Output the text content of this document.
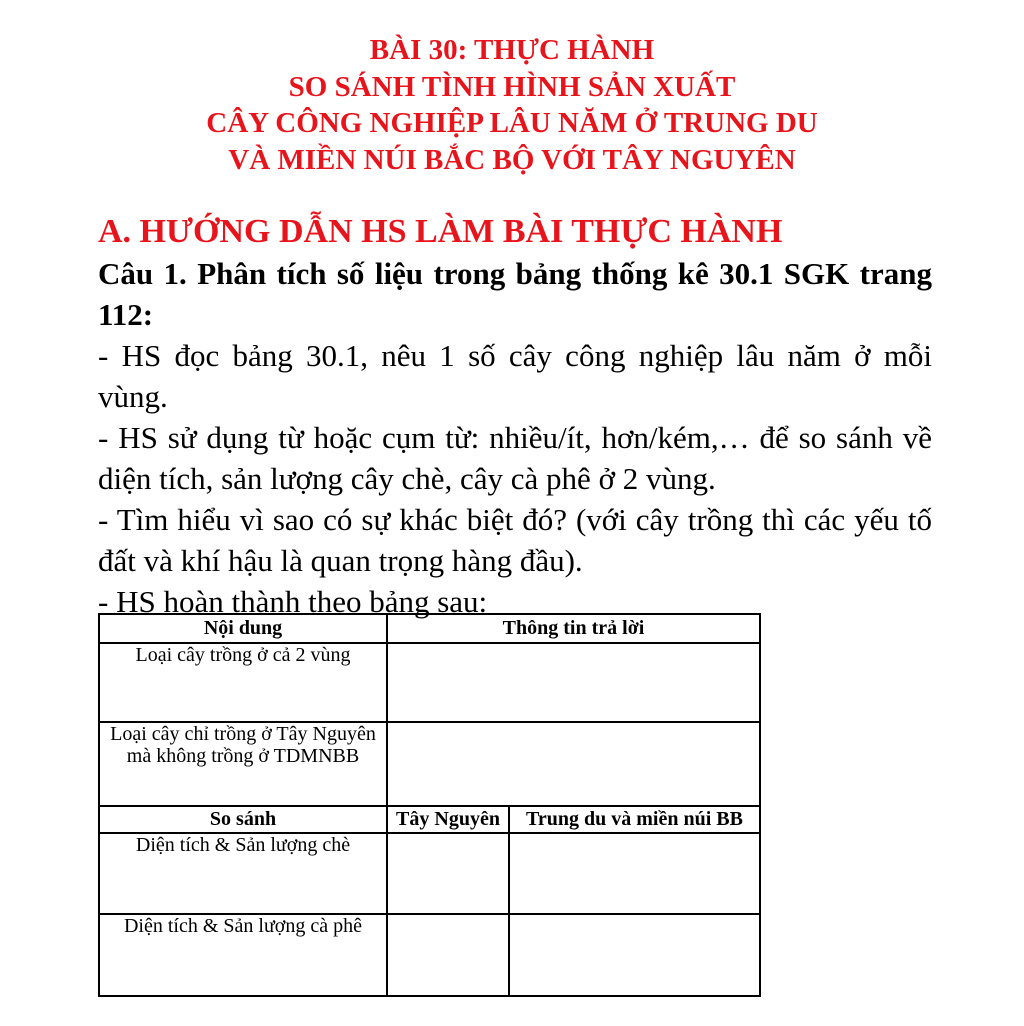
BÀI 30: THỰC HÀNH
SO SÁNH TÌNH HÌNH SẢN XUẤT
CÂY CÔNG NGHIỆP LÂU NĂM Ở TRUNG DU
VÀ MIỀN NÚI BẮC BỘ VỚI TÂY NGUYÊN
A. HƯỚNG DẪN HS LÀM BÀI THỰC HÀNH

Câu 1. Phân tích số liệu trong bảng thống kê 30.1 SGK trang 112:

- HS đọc bảng 30.1, nêu 1 số cây công nghiệp lâu năm ở mỗi vùng.

- HS sử dụng từ hoặc cụm từ: nhiều/ít, hơn/kém,… để so sánh về diện tích, sản lượng cây chè, cây cà phê ở 2 vùng.

- Tìm hiểu vì sao có sự khác biệt đó? (với cây trồng thì các yếu tố đất và khí hậu là quan trọng hàng đầu).

- HS hoàn thành theo bảng sau:

Nội dung	Thông tin trả lời	
Loại cây trồng ở cả 2 vùng		
Loại cây chỉ trồng ở Tây Nguyên mà không trồng ở TDMNBB		
So sánh	Tây Nguyên	Trung du và miền núi BB
Diện tích & Sản lượng chè		
Diện tích & Sản lượng cà phê		
